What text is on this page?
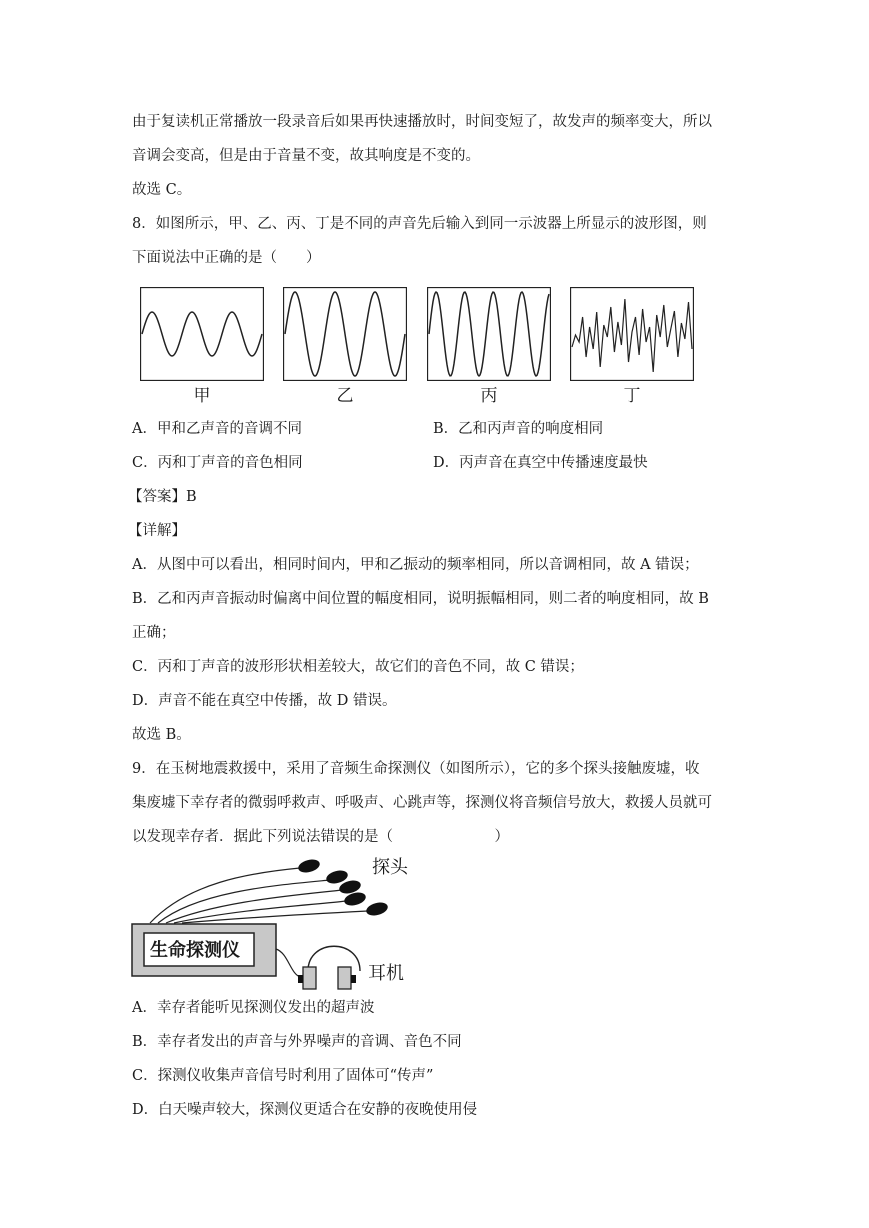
由于复读机正常播放一段录音后如果再快速播放时，时间变短了，故发声的频率变大，所以
音调会变高，但是由于音量不变，故其响度是不变的。
故选 C。
8．如图所示，甲、乙、丙、丁是不同的声音先后输入到同一示波器上所显示的波形图，则
下面说法中正确的是（　　）
甲	乙	丙	丁
A．甲和乙声音的音调不同	B．乙和丙声音的响度相同
C．丙和丁声音的音色相同	D．丙声音在真空中传播速度最快
【答案】B
【详解】
A．从图中可以看出，相同时间内，甲和乙振动的频率相同，所以音调相同，故 A 错误；
B．乙和丙声音振动时偏离中间位置的幅度相同，说明振幅相同，则二者的响度相同，故 B
正确；
C．丙和丁声音的波形形状相差较大，故它们的音色不同，故 C 错误；
D．声音不能在真空中传播，故 D 错误。
故选 B。
9．在玉树地震救援中，采用了音频生命探测仪（如图所示），它的多个探头接触废墟，收
集废墟下幸存者的微弱呼救声、呼吸声、心跳声等，探测仪将音频信号放大，救援人员就可
以发现幸存者．据此下列说法错误的是（　　　　　　　）
探头
生命探测仪
耳机
A．幸存者能听见探测仪发出的超声波
B．幸存者发出的声音与外界噪声的音调、音色不同
C．探测仪收集声音信号时利用了固体可“传声”
D．白天噪声较大，探测仪更适合在安静的夜晚使用侵
